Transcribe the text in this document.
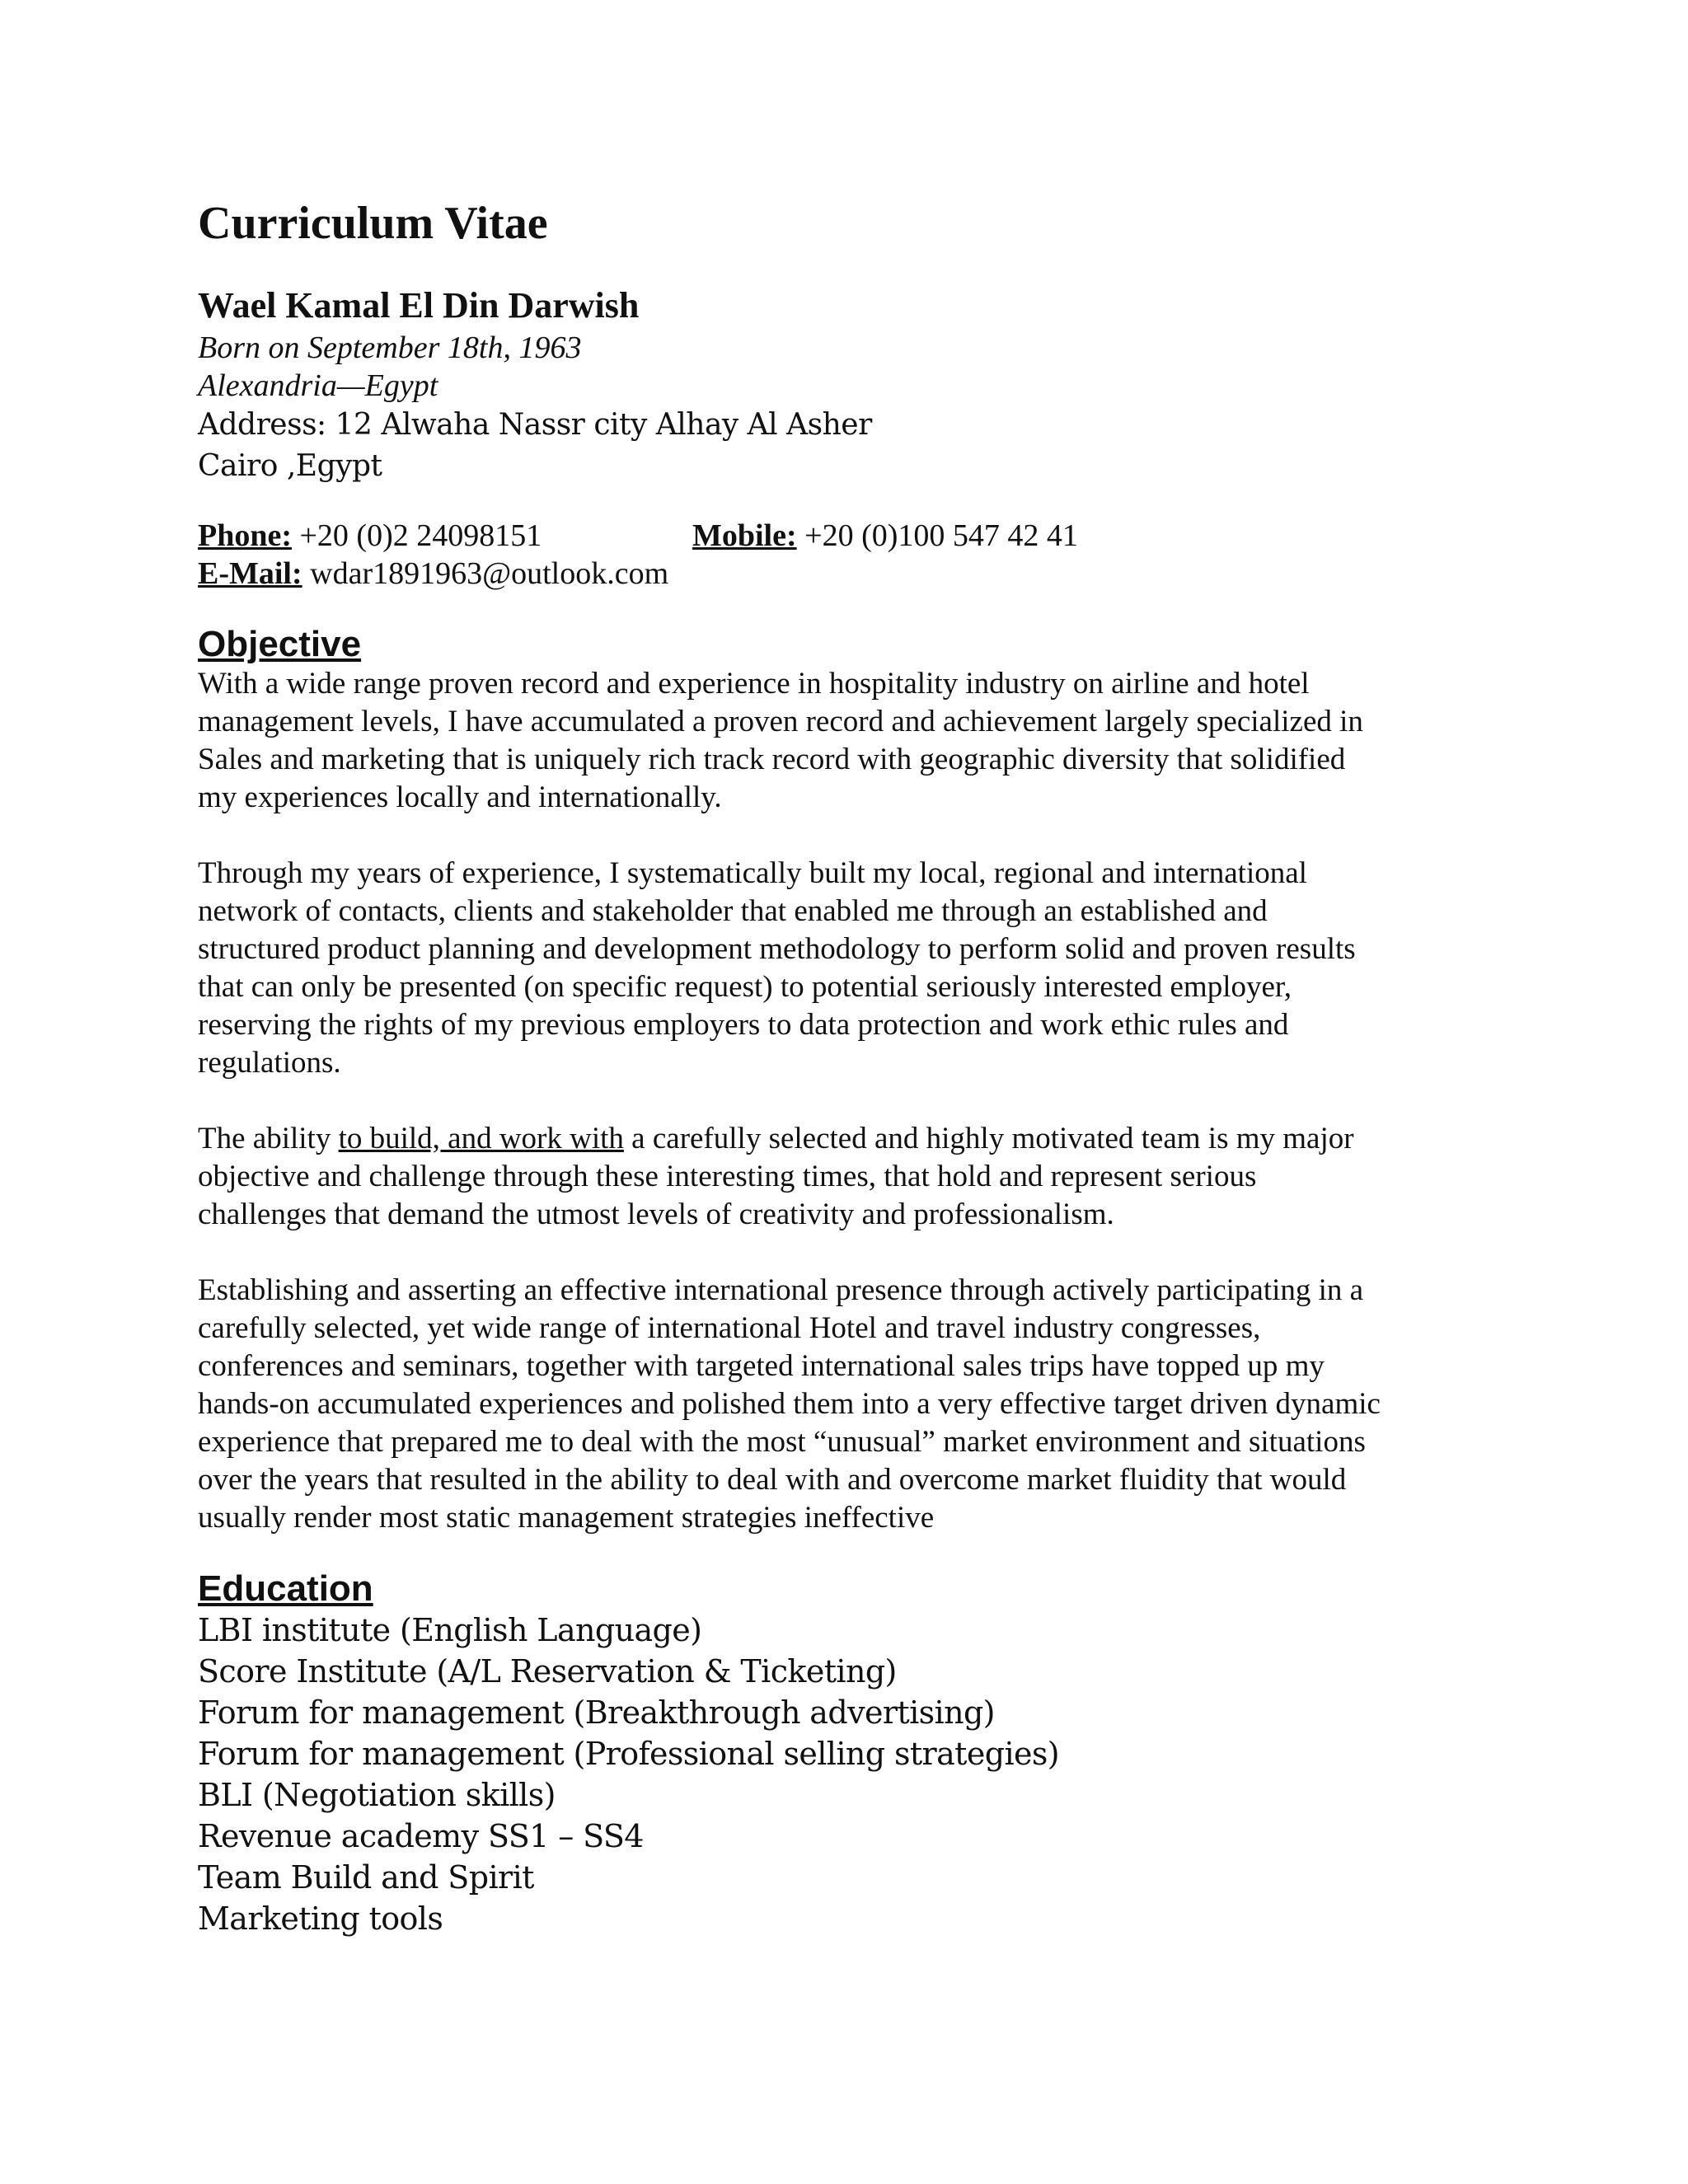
Curriculum Vitae
Wael Kamal El Din Darwish
Born on September 18th, 1963
Alexandria—Egypt
Address: 12 Alwaha Nassr city Alhay Al Asher
Cairo ,Egypt
Phone: +20 (0)2 24098151	Mobile: +20 (0)100 547 42 41
E-Mail: wdar1891963@outlook.com
Objective

With a wide range proven record and experience in hospitality industry on airline and hotel
management levels, I have accumulated a proven record and achievement largely specialized in
Sales and marketing that is uniquely rich track record with geographic diversity that solidified
my experiences locally and internationally.

Through my years of experience, I systematically built my local, regional and international
network of contacts, clients and stakeholder that enabled me through an established and
structured product planning and development methodology to perform solid and proven results
that can only be presented (on specific request) to potential seriously interested employer,
reserving the rights of my previous employers to data protection and work ethic rules and
regulations.

The ability to build, and work with a carefully selected and highly motivated team is my major
objective and challenge through these interesting times, that hold and represent serious
challenges that demand the utmost levels of creativity and professionalism.

Establishing and asserting an effective international presence through actively participating in a
carefully selected, yet wide range of international Hotel and travel industry congresses,
conferences and seminars, together with targeted international sales trips have topped up my
hands-on accumulated experiences and polished them into a very effective target driven dynamic
experience that prepared me to deal with the most “unusual” market environment and situations
over the years that resulted in the ability to deal with and overcome market fluidity that would
usually render most static management strategies ineffective

Education
LBI institute (English Language)
Score Institute (A/L Reservation & Ticketing)
Forum for management (Breakthrough advertising)
Forum for management (Professional selling strategies)
BLI (Negotiation skills)
Revenue academy SS1 – SS4
Team Build and Spirit
Marketing tools
